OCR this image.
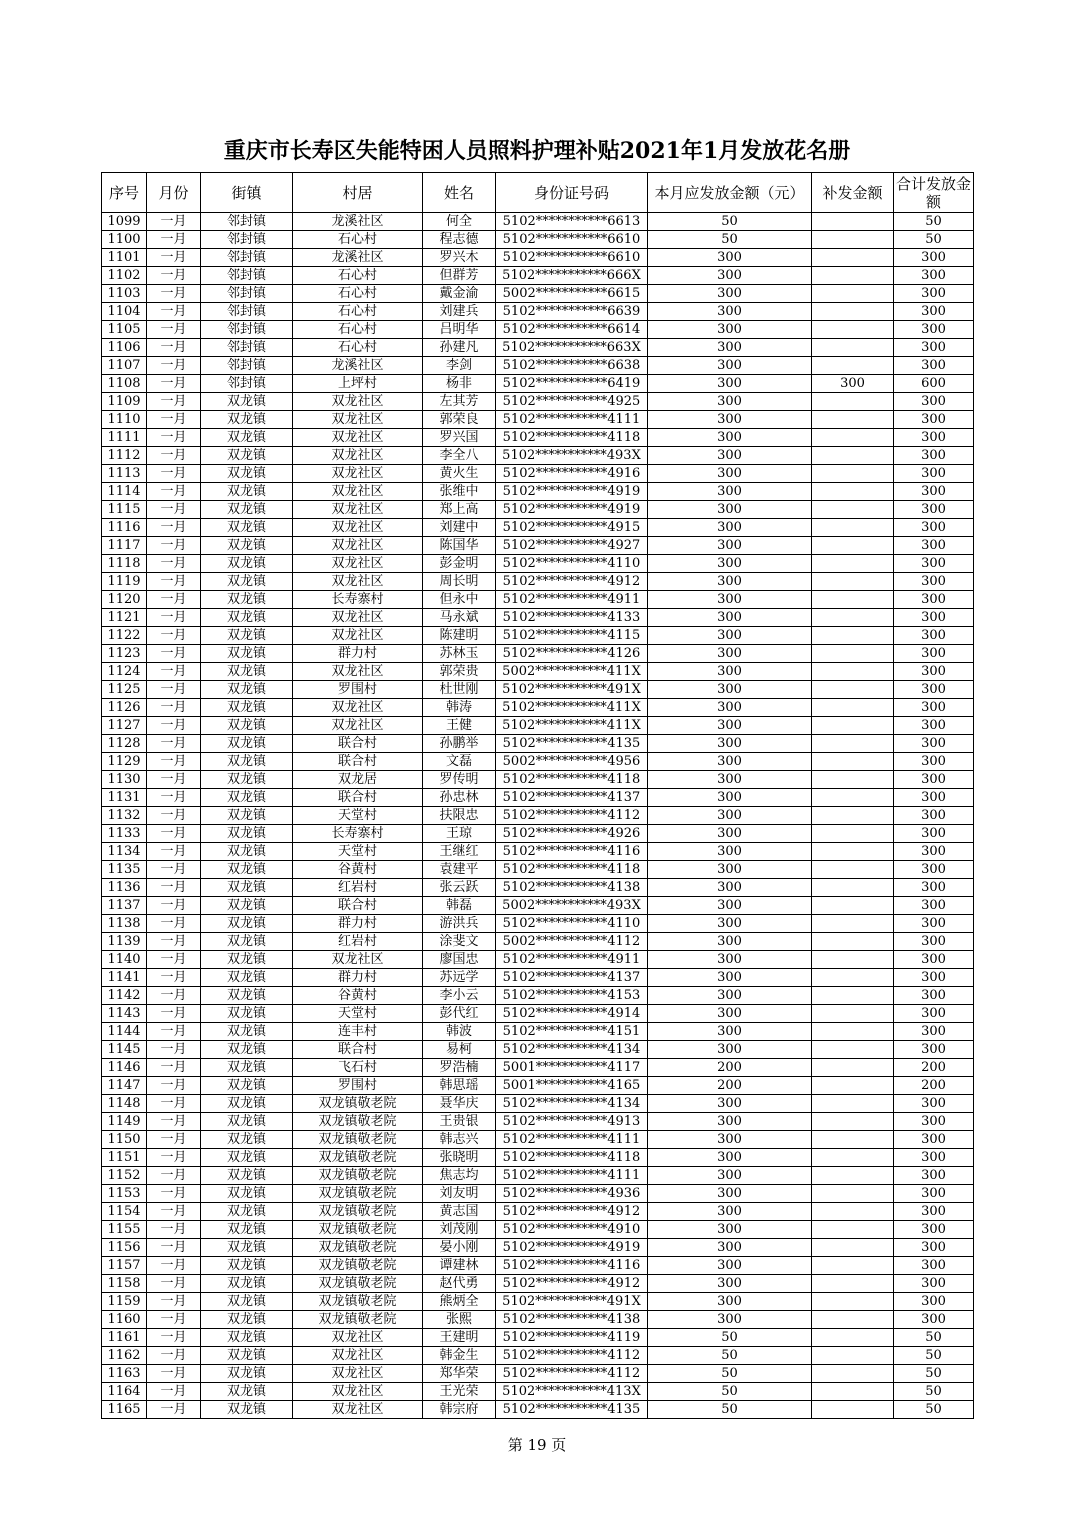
重庆市长寿区失能特困人员照料护理补贴2021年1月发放花名册
序号	月份	街镇	村居	姓名	身份证号码	本月应发放金额（元）	补发金额	合计发放金额
1099	一月	邻封镇	龙溪社区	何全	5102***********6613	50		50
1100	一月	邻封镇	石心村	程志德	5102***********6610	50		50
1101	一月	邻封镇	龙溪社区	罗兴木	5102***********6610	300		300
1102	一月	邻封镇	石心村	但群芳	5102***********666X	300		300
1103	一月	邻封镇	石心村	戴金渝	5002***********6615	300		300
1104	一月	邻封镇	石心村	刘建兵	5102***********6639	300		300
1105	一月	邻封镇	石心村	吕明华	5102***********6614	300		300
1106	一月	邻封镇	石心村	孙建凡	5102***********663X	300		300
1107	一月	邻封镇	龙溪社区	李剑	5102***********6638	300		300
1108	一月	邻封镇	上坪村	杨非	5102***********6419	300	300	600
1109	一月	双龙镇	双龙社区	左其芳	5102***********4925	300		300
1110	一月	双龙镇	双龙社区	郭荣良	5102***********4111	300		300
1111	一月	双龙镇	双龙社区	罗兴国	5102***********4118	300		300
1112	一月	双龙镇	双龙社区	李全八	5102***********493X	300		300
1113	一月	双龙镇	双龙社区	黄火生	5102***********4916	300		300
1114	一月	双龙镇	双龙社区	张维中	5102***********4919	300		300
1115	一月	双龙镇	双龙社区	郑上高	5102***********4919	300		300
1116	一月	双龙镇	双龙社区	刘建中	5102***********4915	300		300
1117	一月	双龙镇	双龙社区	陈国华	5102***********4927	300		300
1118	一月	双龙镇	双龙社区	彭金明	5102***********4110	300		300
1119	一月	双龙镇	双龙社区	周长明	5102***********4912	300		300
1120	一月	双龙镇	长寿寨村	但永中	5102***********4911	300		300
1121	一月	双龙镇	双龙社区	马永斌	5102***********4133	300		300
1122	一月	双龙镇	双龙社区	陈建明	5102***********4115	300		300
1123	一月	双龙镇	群力村	苏林玉	5102***********4126	300		300
1124	一月	双龙镇	双龙社区	郭荣贵	5002***********411X	300		300
1125	一月	双龙镇	罗围村	杜世刚	5102***********491X	300		300
1126	一月	双龙镇	双龙社区	韩涛	5102***********411X	300		300
1127	一月	双龙镇	双龙社区	王健	5102***********411X	300		300
1128	一月	双龙镇	联合村	孙鹏举	5102***********4135	300		300
1129	一月	双龙镇	联合村	文磊	5002***********4956	300		300
1130	一月	双龙镇	双龙居	罗传明	5102***********4118	300		300
1131	一月	双龙镇	联合村	孙忠林	5102***********4137	300		300
1132	一月	双龙镇	天堂村	扶限忠	5102***********4112	300		300
1133	一月	双龙镇	长寿寨村	王琼	5102***********4926	300		300
1134	一月	双龙镇	天堂村	王继红	5102***********4116	300		300
1135	一月	双龙镇	谷黄村	袁建平	5102***********4118	300		300
1136	一月	双龙镇	红岩村	张云跃	5102***********4138	300		300
1137	一月	双龙镇	联合村	韩磊	5002***********493X	300		300
1138	一月	双龙镇	群力村	游洪兵	5102***********4110	300		300
1139	一月	双龙镇	红岩村	涂斐文	5002***********4112	300		300
1140	一月	双龙镇	双龙社区	廖国忠	5102***********4911	300		300
1141	一月	双龙镇	群力村	苏远学	5102***********4137	300		300
1142	一月	双龙镇	谷黄村	李小云	5102***********4153	300		300
1143	一月	双龙镇	天堂村	彭代红	5102***********4914	300		300
1144	一月	双龙镇	连丰村	韩波	5102***********4151	300		300
1145	一月	双龙镇	联合村	易柯	5102***********4134	300		300
1146	一月	双龙镇	飞石村	罗浩楠	5001***********4117	200		200
1147	一月	双龙镇	罗围村	韩思瑶	5001***********4165	200		200
1148	一月	双龙镇	双龙镇敬老院	聂华庆	5102***********4134	300		300
1149	一月	双龙镇	双龙镇敬老院	王贵银	5102***********4913	300		300
1150	一月	双龙镇	双龙镇敬老院	韩志兴	5102***********4111	300		300
1151	一月	双龙镇	双龙镇敬老院	张晓明	5102***********4118	300		300
1152	一月	双龙镇	双龙镇敬老院	焦志均	5102***********4111	300		300
1153	一月	双龙镇	双龙镇敬老院	刘友明	5102***********4936	300		300
1154	一月	双龙镇	双龙镇敬老院	黄志国	5102***********4912	300		300
1155	一月	双龙镇	双龙镇敬老院	刘茂刚	5102***********4910	300		300
1156	一月	双龙镇	双龙镇敬老院	晏小刚	5102***********4919	300		300
1157	一月	双龙镇	双龙镇敬老院	谭建林	5102***********4116	300		300
1158	一月	双龙镇	双龙镇敬老院	赵代勇	5102***********4912	300		300
1159	一月	双龙镇	双龙镇敬老院	熊炳全	5102***********491X	300		300
1160	一月	双龙镇	双龙镇敬老院	张熙	5102***********4138	300		300
1161	一月	双龙镇	双龙社区	王建明	5102***********4119	50		50
1162	一月	双龙镇	双龙社区	韩金生	5102***********4112	50		50
1163	一月	双龙镇	双龙社区	郑华荣	5102***********4112	50		50
1164	一月	双龙镇	双龙社区	王光荣	5102***********413X	50		50
1165	一月	双龙镇	双龙社区	韩宗府	5102***********4135	50		50
第 19 页
